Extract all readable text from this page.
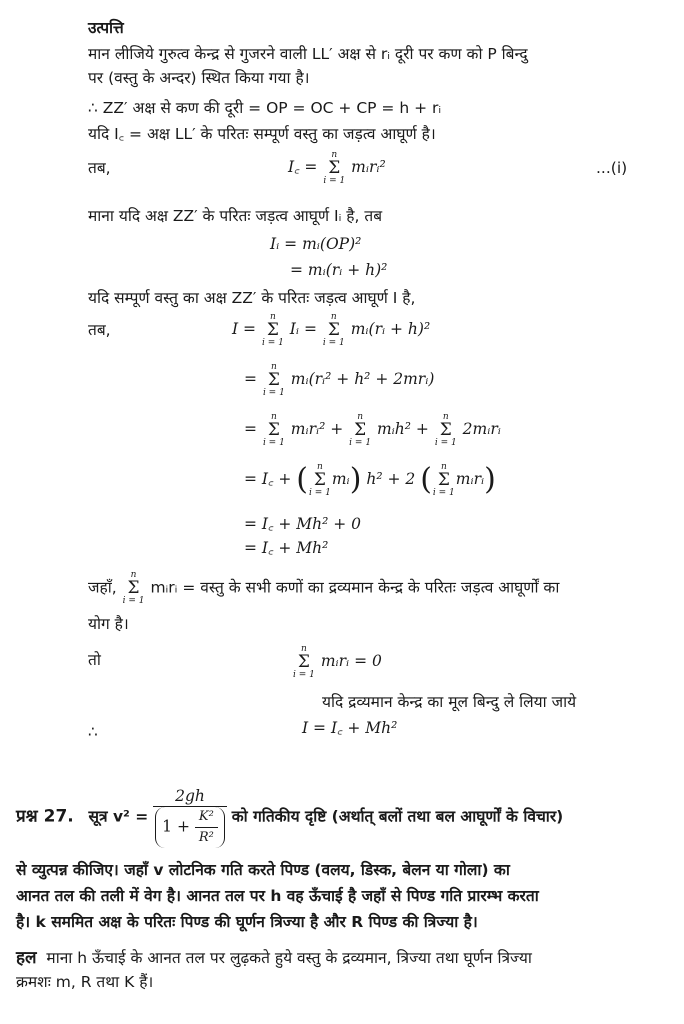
उत्पत्ति
मान लीजिये गुरुत्व केन्द्र से गुजरने वाली LL′ अक्ष से rᵢ दूरी पर कण को P बिन्दु
पर (वस्तु के अन्दर) स्थित किया गया है।
∴ ZZ′ अक्ष से कण की दूरी = OP = OC + CP = h + rᵢ
यदि I꜀ = अक्ष LL′ के परितः सम्पूर्ण वस्तु का जड़त्व आघूर्ण है।
तब,	I꜀ =
n
Σ
i = 1
mᵢrᵢ²	...(i)
माना यदि अक्ष ZZ′ के परितः जड़त्व आघूर्ण Iᵢ है, तब
Iᵢ = mᵢ(OP)²
= mᵢ(rᵢ + h)²
यदि सम्पूर्ण वस्तु का अक्ष ZZ′ के परितः जड़त्व आघूर्ण I है,
तब,	I =
n
Σ
i = 1
Iᵢ =
n
Σ
i = 1
mᵢ(rᵢ + h)²
=
n
Σ
i = 1
mᵢ(rᵢ² + h² + 2mrᵢ)
=
n
Σ
i = 1
mᵢrᵢ² +
n
Σ
i = 1
mᵢh² +
n
Σ
i = 1
2mᵢrᵢ
= I꜀ + (	n
Σ
i = 1
mᵢ) h² + 2 (	n
Σ
i = 1
mᵢrᵢ)
= I꜀ + Mh² + 0
= I꜀ + Mh²
जहाँ,
n
Σ
i = 1
mᵢrᵢ = वस्तु के सभी कणों का द्रव्यमान केन्द्र के परितः जड़त्व आघूर्णों का
योग है।
तो
n
Σ
i = 1
mᵢrᵢ = 0
यदि द्रव्यमान केन्द्र का मूल बिन्दु ले लिया जाये
∴	I = I꜀ + Mh²
प्रश्न 27. सूत्र $v^2 = \frac{2gh}{1 + \frac{\text{K²}}{\text{R²}}}$ को गतिकीय दृष्टि (अर्थात् बलों तथा बल आघूर्णों के विचार)
से व्युत्पन्न कीजिए। जहाँ v लोटनिक गति करते पिण्ड (वलय, डिस्क, बेलन या गोला) का
आनत तल की तली में वेग है। आनत तल पर h वह ऊँचाई है जहाँ से पिण्ड गति प्रारम्भ करता
है। k सममित अक्ष के परितः पिण्ड की घूर्णन त्रिज्या है और R पिण्ड की त्रिज्या है।
हल माना h ऊँचाई के आनत तल पर लुढ़कते हुये वस्तु के द्रव्यमान, त्रिज्या तथा घूर्णन त्रिज्या
क्रमशः m, R तथा K हैं।
